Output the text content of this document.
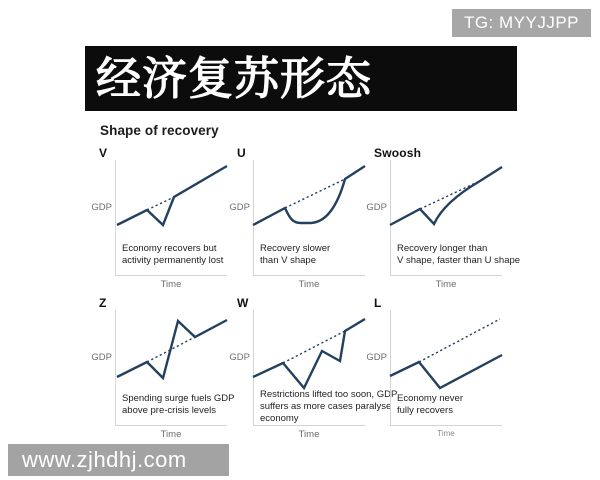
TG: MYYJJPP
经济复苏形态
Shape of recovery
V
GDP
Economy recovers but
activity permanently lost
Time
U
GDP
Recovery slower
than V shape
Time
Swoosh
GDP
Recovery longer than
V shape, faster than U shape
Time
Z
GDP
Spending surge fuels GDP
above pre-crisis levels
Time
W
GDP
Restrictions lifted too soon, GDP
suffers as more cases paralyse
economy
Time
L
GDP
Economy never
fully recovers
Time
www.zjhdhj.com
